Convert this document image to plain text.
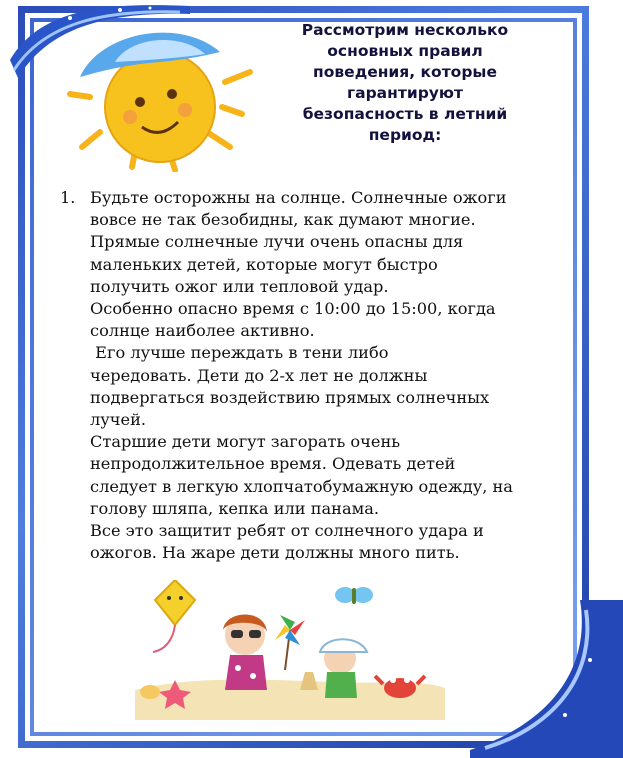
Рассмотрим несколько
основных правил
поведения, которые
гарантируют
безопасность в летний
период:
1. Будьте осторожны на солнце. Солнечные ожоги
вовсе не так безобидны, как думают многие.
Прямые солнечные лучи очень опасны для
маленьких детей, которые могут быстро
получить ожог или тепловой удар.
Особенно опасно время с 10:00 до 15:00, когда
солнце наиболее активно.
Его лучше переждать в тени либо
чередовать. Дети до 2-х лет не должны
подвергаться воздействию прямых солнечных
лучей.
Старшие дети могут загорать очень
непродолжительное время. Одевать детей
следует в легкую хлопчатобумажную одежду, на
голову шляпа, кепка или панама.
Все это защитит ребят от солнечного удара и
ожогов. На жаре дети должны много пить.
